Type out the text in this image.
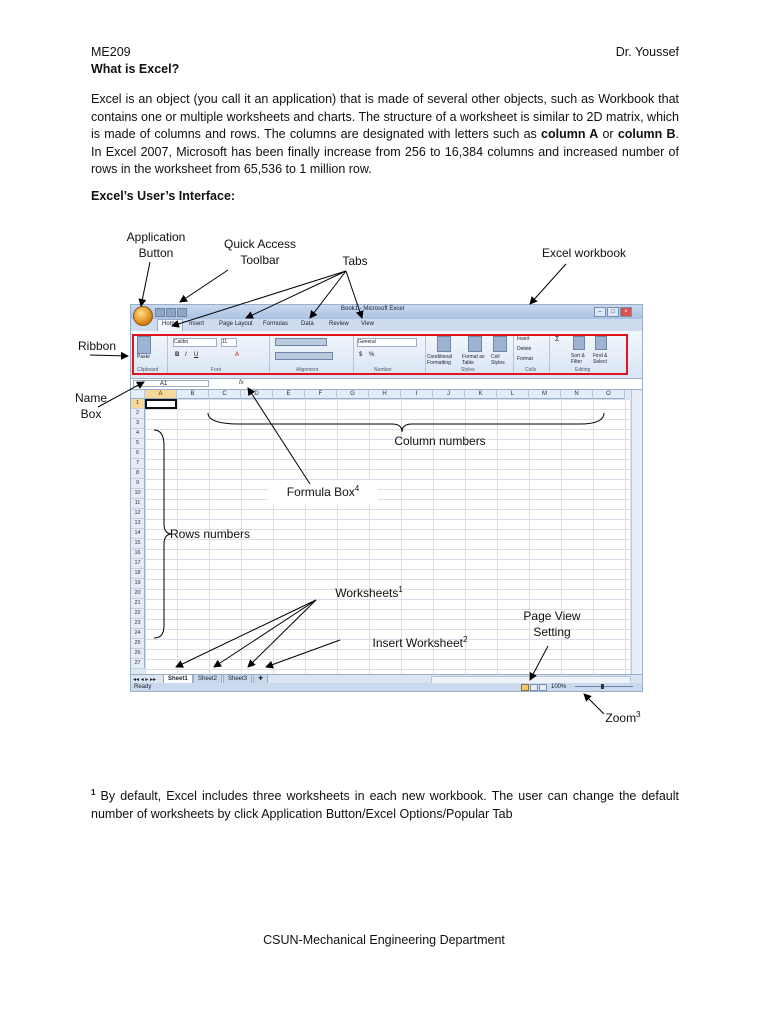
ME209	Dr. Youssef
What is Excel?
Excel is an object (you call it an application) that is made of several other objects, such as Workbook that contains one or multiple worksheets and charts. The structure of a worksheet is similar to 2D matrix, which is made of columns and rows. The columns are designated with letters such as column A or column B. In Excel 2007, Microsoft has been finally increase from 256 to 16,384 columns and increased number of rows in the worksheet from 65,536 to 1 million row.
Excel’s User’s Interface:
Application Button
Quick Access Toolbar	Tabs
Excel workbook
Ribbon
Name Box
Book1 - Microsoft Excel	–	□	×
Home	Insert Page Layout Formulas Data	Review View
Paste
Calibri	11
B I U	A
General
$ %	Conditional Formatting
Format as Table
Cell Styles
Insert
Delete
Format
Σ
Sort & Filter
Find & Select
Clipboard	Font	Alignment	Number	Styles	Cells	Editing
A1	fx
◂◂ ◂ ▸ ▸▸	Sheet1	Sheet2	Sheet3	✚
Ready	100%
A	B	C	D	E	F	G	H	I	J	K	L	M	N	O
1
2
3
4
5
6
7
8
9
10
11
12
13
14
15
16
17
18
19
20
21
22
23
24
25
26
27
Column numbers
Formula Box$^4$
Rows numbers
Worksheets$^1$
Page View Setting
Insert Worksheet$^2$
Zoom$^3$
$^1$ By default, Excel includes three worksheets in each new workbook. The user can change the default number of worksheets by click Application Button/Excel Options/Popular Tab
CSUN-Mechanical Engineering Department
